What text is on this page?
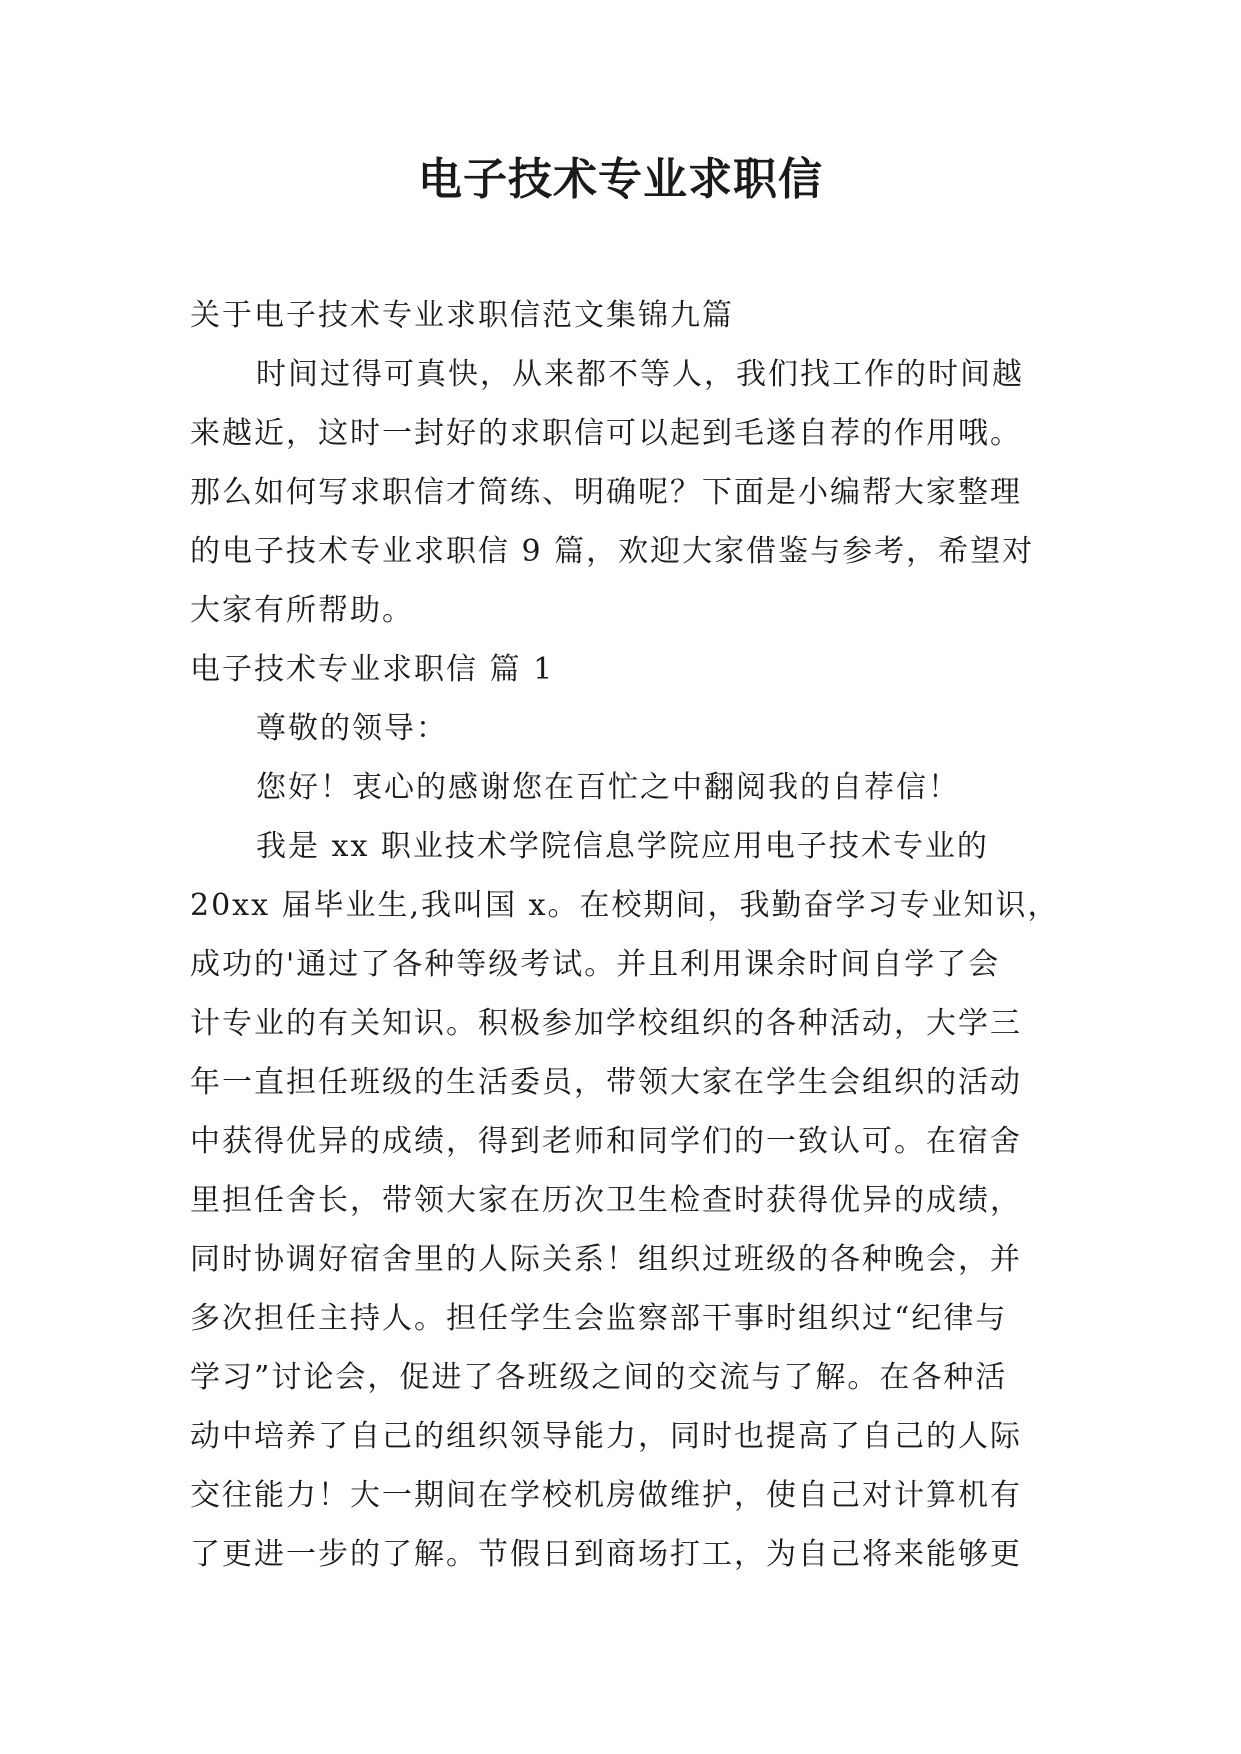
电子技术专业求职信

关于电子技术专业求职信范文集锦九篇

时间过得可真快，从来都不等人，我们找工作的时间越

来越近，这时一封好的求职信可以起到毛遂自荐的作用哦。

那么如何写求职信才简练、明确呢？下面是小编帮大家整理

的电子技术专业求职信 9 篇，欢迎大家借鉴与参考，希望对

大家有所帮助。

电子技术专业求职信 篇 1

尊敬的领导：

您好！衷心的感谢您在百忙之中翻阅我的自荐信！

我是 xx 职业技术学院信息学院应用电子技术专业的

20xx 届毕业生,我叫国 x。在校期间，我勤奋学习专业知识，

成功的'通过了各种等级考试。并且利用课余时间自学了会

计专业的有关知识。积极参加学校组织的各种活动，大学三

年一直担任班级的生活委员，带领大家在学生会组织的活动

中获得优异的成绩，得到老师和同学们的一致认可。在宿舍

里担任舍长，带领大家在历次卫生检查时获得优异的成绩，

同时协调好宿舍里的人际关系！组织过班级的各种晚会，并

多次担任主持人。担任学生会监察部干事时组织过“纪律与

学习”讨论会，促进了各班级之间的交流与了解。在各种活

动中培养了自己的组织领导能力，同时也提高了自己的人际

交往能力！大一期间在学校机房做维护，使自己对计算机有

了更进一步的了解。节假日到商场打工，为自己将来能够更
